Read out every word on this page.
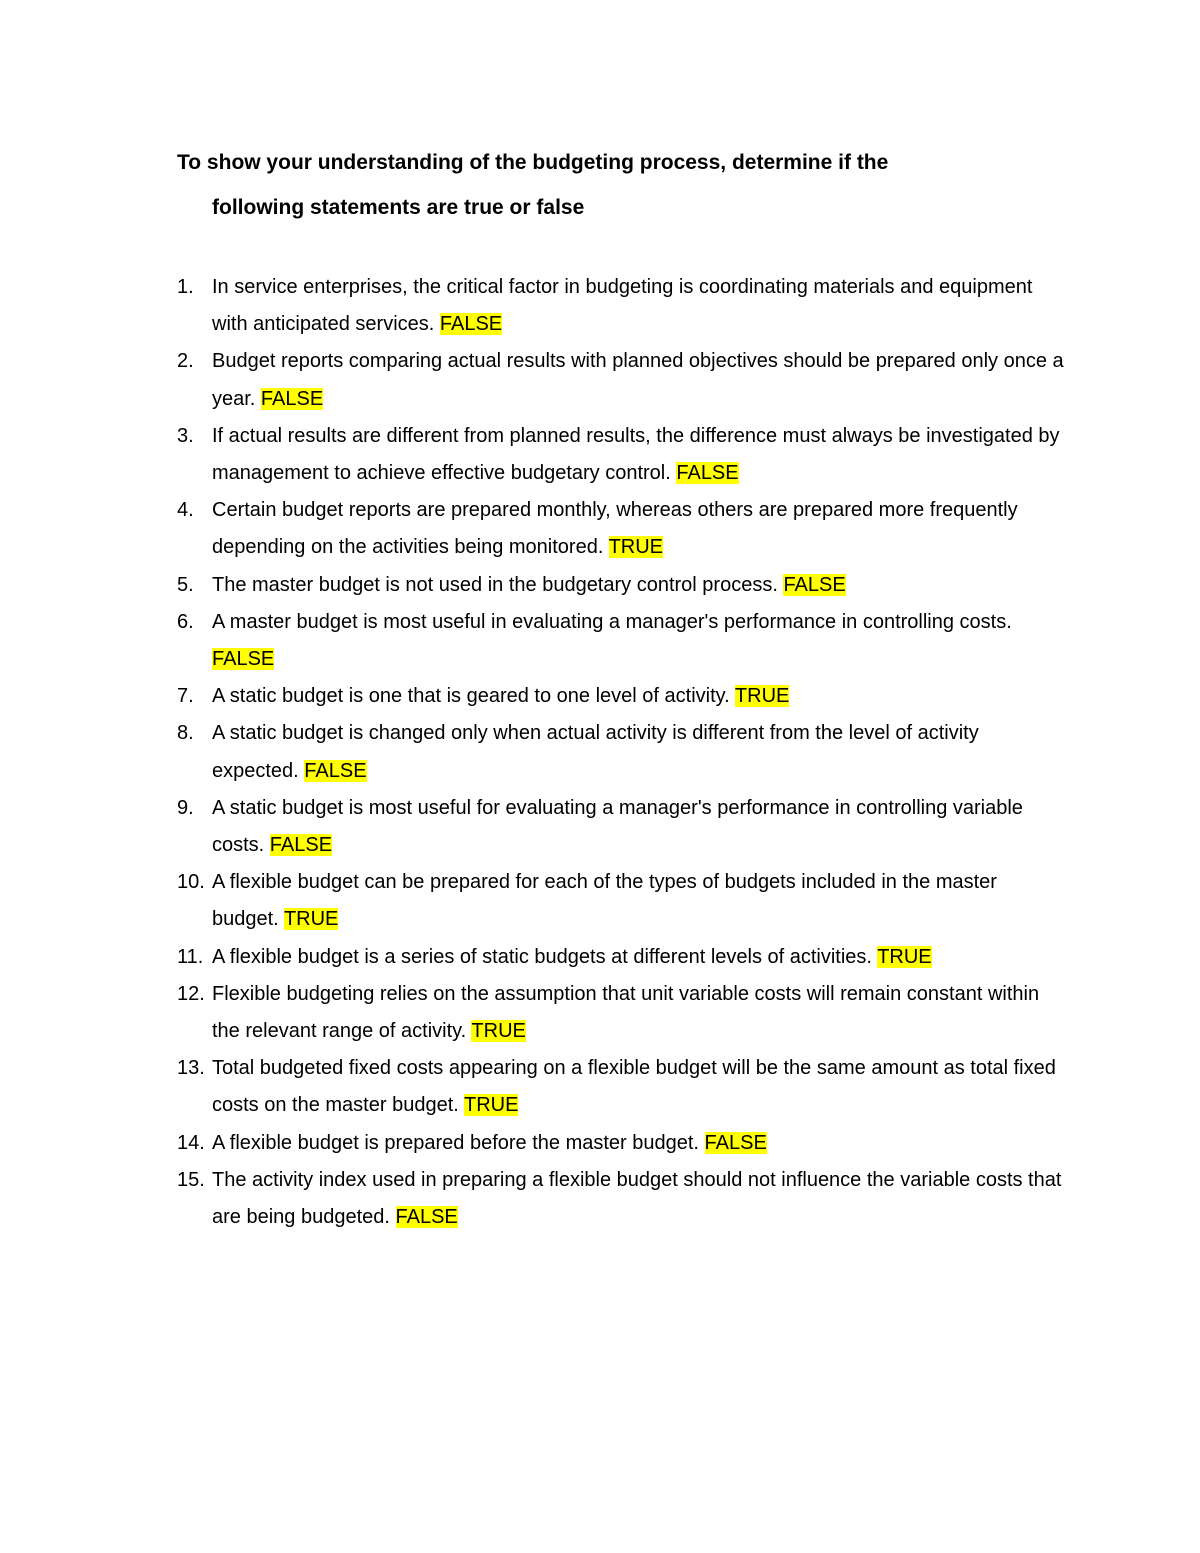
To show your understanding of the budgeting process, determine if the
following statements are true or false
1. In service enterprises, the critical factor in budgeting is coordinating materials and equipment with anticipated services. FALSE
2. Budget reports comparing actual results with planned objectives should be prepared only once a year. FALSE
3. If actual results are different from planned results, the difference must always be investigated by management to achieve effective budgetary control. FALSE
4. Certain budget reports are prepared monthly, whereas others are prepared more frequently depending on the activities being monitored. TRUE
5. The master budget is not used in the budgetary control process. FALSE
6. A master budget is most useful in evaluating a manager's performance in controlling costs. FALSE
7. A static budget is one that is geared to one level of activity. TRUE
8. A static budget is changed only when actual activity is different from the level of activity expected. FALSE
9. A static budget is most useful for evaluating a manager's performance in controlling variable costs. FALSE
10. A flexible budget can be prepared for each of the types of budgets included in the master budget. TRUE
11. A flexible budget is a series of static budgets at different levels of activities. TRUE
12. Flexible budgeting relies on the assumption that unit variable costs will remain constant within the relevant range of activity. TRUE
13. Total budgeted fixed costs appearing on a flexible budget will be the same amount as total fixed costs on the master budget. TRUE
14. A flexible budget is prepared before the master budget. FALSE
15. The activity index used in preparing a flexible budget should not influence the variable costs that are being budgeted. FALSE
